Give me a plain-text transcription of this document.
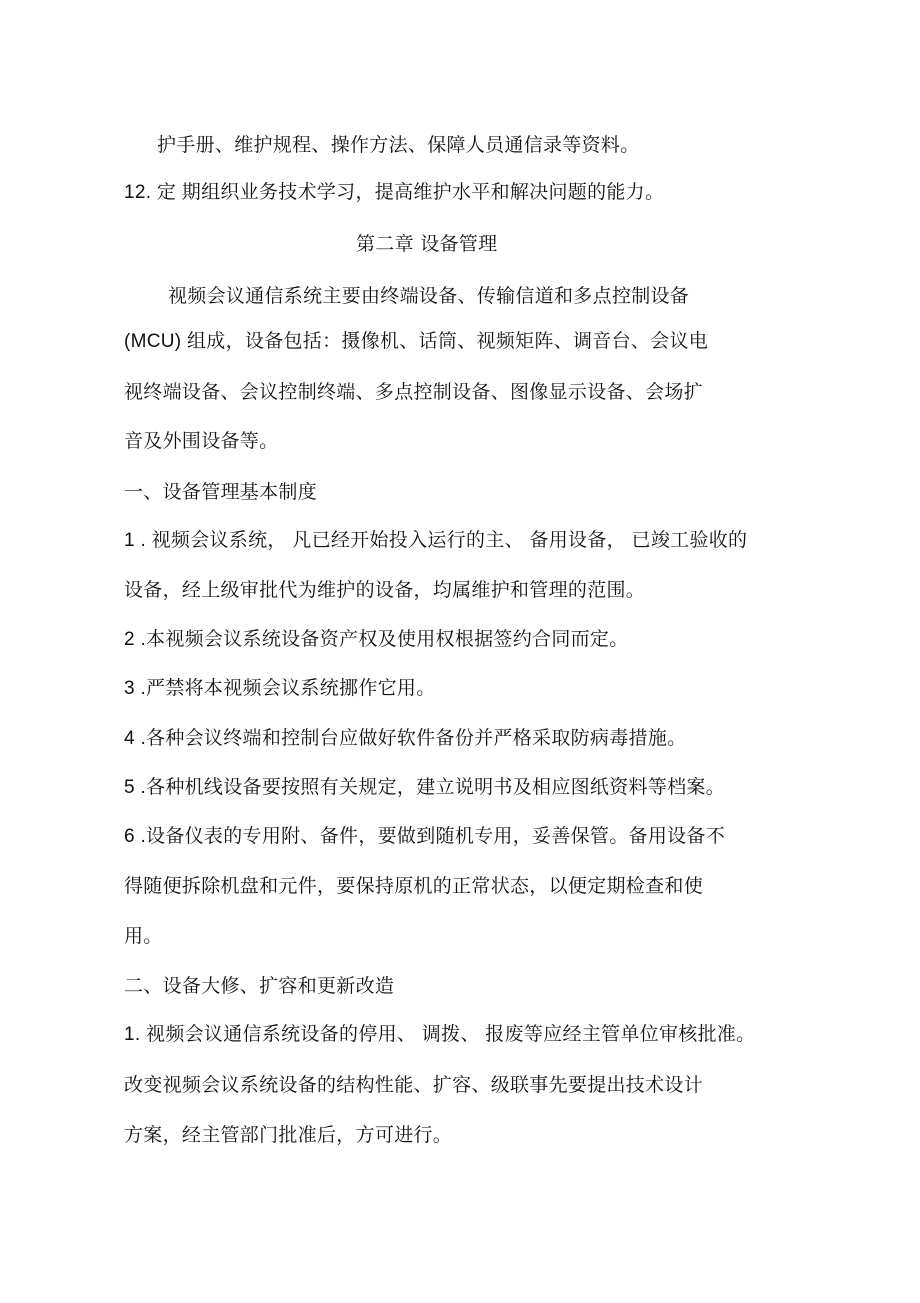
护手册、维护规程、操作方法、保障人员通信录等资料。
12. 定 期组织业务技术学习，提高维护水平和解决问题的能力。
第二章 设备管理
视频会议通信系统主要由终端设备、传输信道和多点控制设备
(MCU) 组成，设备包括：摄像机、话筒、视频矩阵、调音台、会议电
视终端设备、会议控制终端、多点控制设备、图像显示设备、会场扩
音及外围设备等。
一、设备管理基本制度
1 . 视频会议系统， 凡已经开始投入运行的主、 备用设备， 已竣工验收的
设备，经上级审批代为维护的设备，均属维护和管理的范围。
2 .本视频会议系统设备资产权及使用权根据签约合同而定。
3 .严禁将本视频会议系统挪作它用。
4 .各种会议终端和控制台应做好软件备份并严格采取防病毒措施。
5 .各种机线设备要按照有关规定，建立说明书及相应图纸资料等档案。
6 .设备仪表的专用附、备件，要做到随机专用，妥善保管。备用设备不
得随便拆除机盘和元件，要保持原机的正常状态，以便定期检查和使
用。
二、设备大修、扩容和更新改造
1. 视频会议通信系统设备的停用、 调拨、 报废等应经主管单位审核批准。
改变视频会议系统设备的结构性能、扩容、级联事先要提出技术设计
方案，经主管部门批准后，方可进行。
